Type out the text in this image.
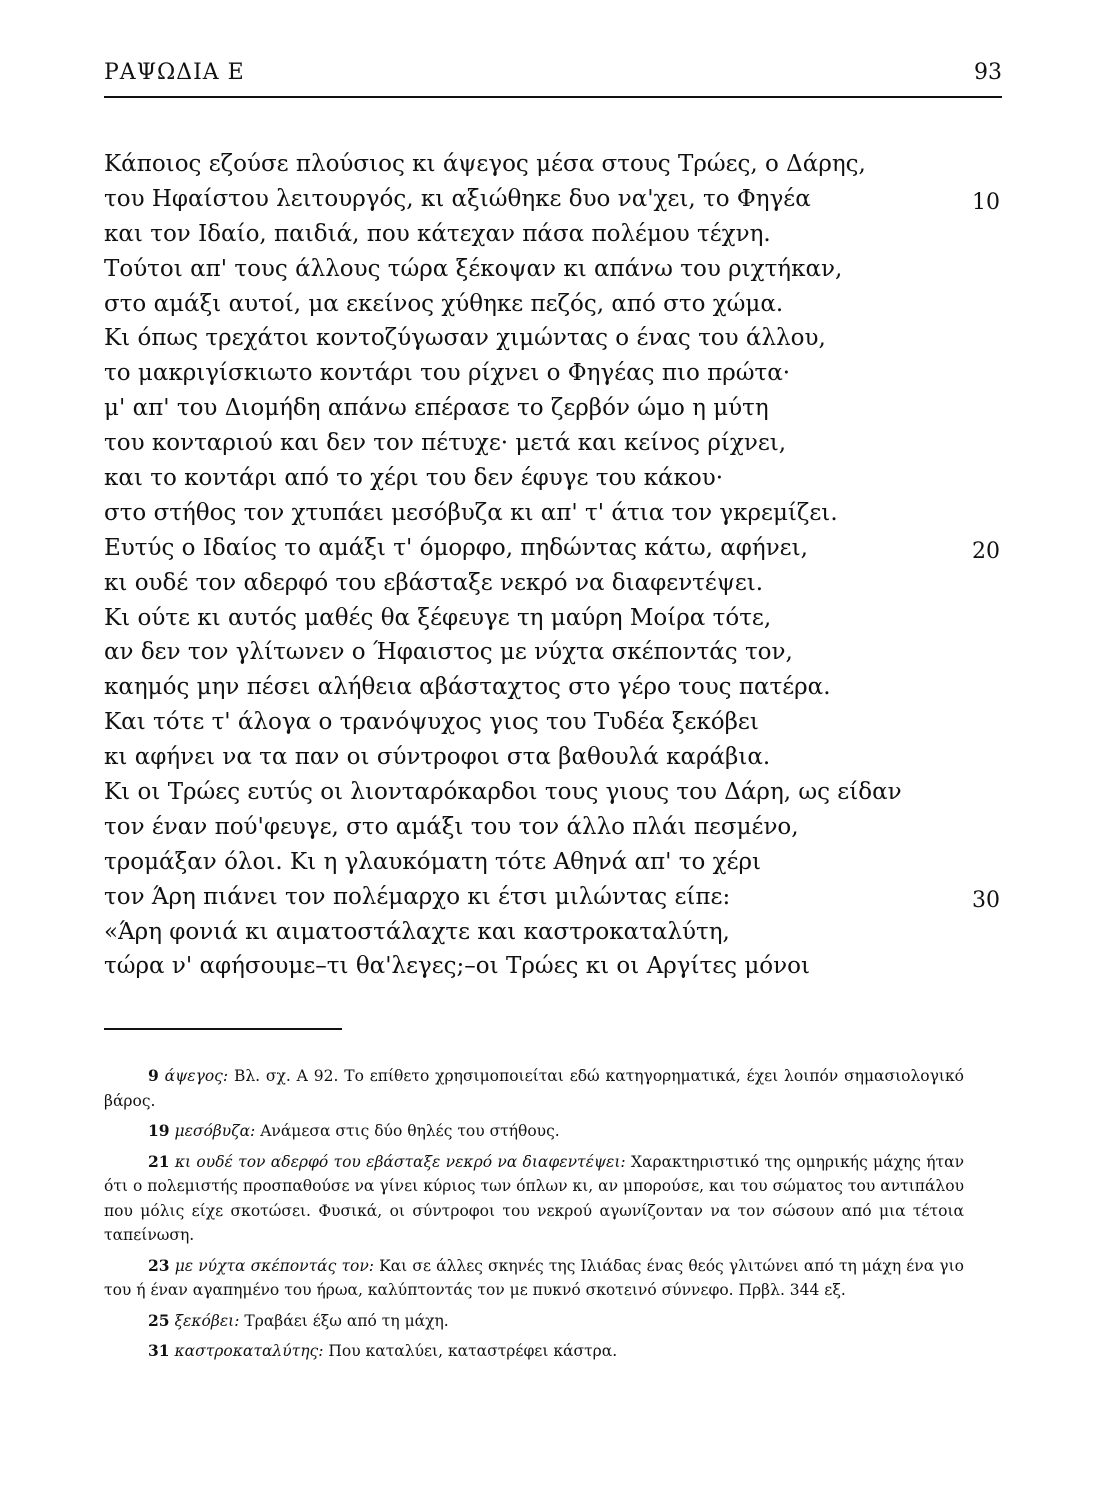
ΡΑΨΩΔΙΑ Ε	93
Κάποιος εζούσε πλούσιος κι άψεγος μέσα στους Τρώες, ο Δάρης,
του Ηφαίστου λειτουργός, κι αξιώθηκε δυο να'χει, το Φηγέα
και τον Ιδαίο, παιδιά, που κάτεχαν πάσα πολέμου τέχνη.
Τούτοι απ' τους άλλους τώρα ξέκοψαν κι απάνω του ριχτήκαν,
στο αμάξι αυτοί, μα εκείνος χύθηκε πεζός, από στο χώμα.
Κι όπως τρεχάτοι κοντοζύγωσαν χιμώντας ο ένας του άλλου,
το μακριγίσκιωτο κοντάρι του ρίχνει ο Φηγέας πιο πρώτα·
μ' απ' του Διομήδη απάνω επέρασε το ζερβόν ώμο η μύτη
του κονταριού και δεν τον πέτυχε· μετά και κείνος ρίχνει,
και το κοντάρι από το χέρι του δεν έφυγε του κάκου·
στο στήθος τον χτυπάει μεσόβυζα κι απ' τ' άτια τον γκρεμίζει.
Ευτύς ο Ιδαίος το αμάξι τ' όμορφο, πηδώντας κάτω, αφήνει,
κι ουδέ τον αδερφό του εβάσταξε νεκρό να διαφεντέψει.
Κι ούτε κι αυτός μαθές θα ξέφευγε τη μαύρη Μοίρα τότε,
αν δεν τον γλίτωνεν ο Ήφαιστος με νύχτα σκέποντάς τον,
καημός μην πέσει αλήθεια αβάσταχτος στο γέρο τους πατέρα.
Και τότε τ' άλογα ο τρανόψυχος γιος του Τυδέα ξεκόβει
κι αφήνει να τα παν οι σύντροφοι στα βαθουλά καράβια.
Κι οι Τρώες ευτύς οι λιονταρόκαρδοι τους γιους του Δάρη, ως είδαν
τον έναν πού'φευγε, στο αμάξι του τον άλλο πλάι πεσμένο,
τρομάξαν όλοι. Κι η γλαυκόματη τότε Αθηνά απ' το χέρι
τον Άρη πιάνει τον πολέμαρχο κι έτσι μιλώντας είπε:
«Άρη φονιά κι αιματοστάλαχτε και καστροκαταλύτη,
τώρα ν' αφήσουμε–τι θα'λεγες;–οι Τρώες κι οι Αργίτες μόνοι
10
20
30
9 άψεγος: Βλ. σχ. Α 92. Το επίθετο χρησιμοποιείται εδώ κατηγορηματικά, έχει λοιπόν σημασιολογικό βάρος.
19 μεσόβυζα: Ανάμεσα στις δύο θηλές του στήθους.
21 κι ουδέ τον αδερφό του εβάσταξε νεκρό να διαφεντέψει: Χαρακτηριστικό της ομηρικής μάχης ήταν ότι ο πολεμιστής προσπαθούσε να γίνει κύριος των όπλων κι, αν μπορούσε, και του σώματος του αντιπάλου που μόλις είχε σκοτώσει. Φυσικά, οι σύντροφοι του νεκρού αγωνίζονταν να τον σώσουν από μια τέτοια ταπείνωση.
23 με νύχτα σκέποντάς τον: Και σε άλλες σκηνές της Ιλιάδας ένας θεός γλιτώνει από τη μάχη ένα γιο του ή έναν αγαπημένο του ήρωα, καλύπτοντάς τον με πυκνό σκοτεινό σύννεφο. Πρβλ. 344 εξ.
25 ξεκόβει: Τραβάει έξω από τη μάχη.
31 καστροκαταλύτης: Που καταλύει, καταστρέφει κάστρα.
